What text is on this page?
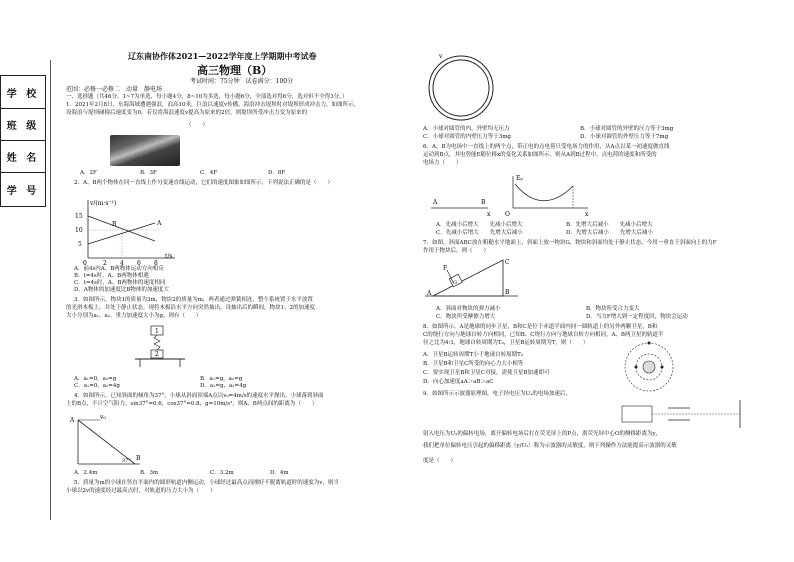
学 校
班 级
姓 名
学 号
辽东南协作体2021—2022学年度上学期期中考试卷
高三物理（B）
考试时间：75分钟　试卷满分：100分
范围：必修一必修二　动量　静电场
一、选择题（共46分，1~7为单选，每小题4分，8~10为多选，每小题6分，全部选对得6分，选对但不全得3分。）
1．2021年2月8日，东海海域遭遇强浪，浪高10米，巨浪以速度v传播，海浪冲击堤坝时对堤坝形成冲击力。如图所示，
设海浪与堤坝碰撞后速度变为0，若仅将海浪速度v提高为原来的2倍，则堤坝所受冲击力变为原来的
（　　）
A．2F	B．3F	C．4F	D．8F
2．A、B两个物体在同一直线上作匀变速直线运动，它们的速度图象如图所示，下列说法正确的是（　　）
v/(m·s⁻¹)
t/s
15
10
5
0	2 4 6 8
A
B
A．前4s内A、B两物体运动方向相反
B．t=4s时，A、B两物体相遇
C．t=4s时，A、B两物体的速度相同
D．A物体的加速度比B物体的加速度大
3．如图所示，物块1的质量为3m，物块2的质量为m，两者通过弹簧相连，整个系统置于水平放置
的光滑木板上，并处于静止状态。现将木板沿水平方向突然抽出，设抽出后的瞬间，物块1、2的加速度
大小分别为a₁、a₂。重力加速度大小为g。则有（　　）
1
2
A．a₁=0，a₂=g	B．a₁=g，a₂=g
C．a₁=0，a₂=4g	D．a₁=g，a₂=4g
4．如图所示，已知斜面的倾角为37°，小球从斜面顶端A点以v₀=4m/s的速度水平抛出，小球落到斜面
上的B点，不计空气阻力，sin37°=0.6，cos37°=0.8，g=10m/s²，则A、B两点间的距离为（　　）
A	v₀
B
37°
A．2.4m	B．3m	C．3.2m	D．4m
5．质量为m的小球在竖直平面内的圆形轨道内侧运动，小球经过最高点而刚好不脱离轨道时的速度为v，则当
小球以2v的速度经过最高点时，对轨道的压力大小为（　　）
v
A．小球对圆管的内、外壁均无压力	B．小球对圆管的外壁的压力等于3mg
C．小球对圆管的内壁压力等于3mg	D．小球对圆管的外壁压力等于7mg
6．A、B为电场中一直线上的两个点，带正电的点电荷只受电场力的作用，从A点以某一初速度做直线
运动到B点，其电势能E随位移x的变化关系如图所示。则从A到B过程中，点电荷的速度和所受的
电场力（　　）
A	B
x O
Eₚ
x
A．先减小后增大　　先减小后增大	B．先增大后减小　　先减小后增大
C．先减小后增大　　先增大后减小	D．先增大后减小　　先增大后减小
7．如图，斜面ABC放在粗糙水平地面上，斜面上放一物块G，物块和斜面均处于静止状态，今用一垂直于斜面向上的力F
作用于物块后，则（　　）
F
G
A	B
C
A．斜面对物块的弹力减小	B．物块所受合力变大
C．物块所受摩擦力增大	D．当力F增大到一定程度时，物块会运动
8．如图所示，A是地球的同步卫星，B和C是位于赤道平面内同一圆轨道上的另外两颗卫星，B和
C的绕行方向与地球自转方向相同，已知B、C绕行方向与地球自转方向相同，A、B两卫星的轨道半
径之比为4:1，地球自转周期为T₀，卫星B运转周期为T，则（　　）
A．卫星B运转周期T小于地球自转周期T₀
B．卫星B和卫星C所受的向心力大小相等
C．要实现卫星B和卫星C对接，需使卫星B加速即可
D．向心加速度aA＞aB＞aC
9．如图所示示波器原理图，电子经电压为U₁的电场加速后，
射入电压为U₂的偏转电场，离开偏转电场后打在荧光屏上的P点，离荧光屏中心O的侧移距离为y，
我们把单位偏转电压引起的偏移距离（y/U₂）称为示波器的灵敏度，则下列操作方法能提高示波器的灵敏
度是（　　）
